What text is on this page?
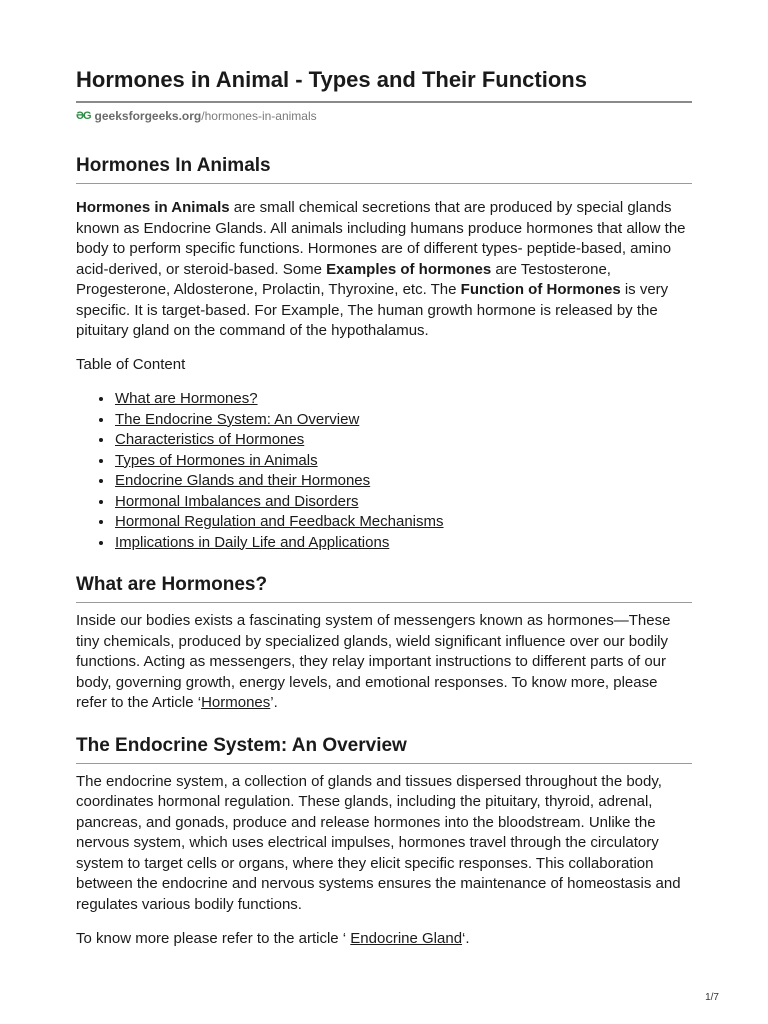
Hormones in Animal - Types and Their Functions
ƏG geeksforgeeks.org /hormones-in-animals
Hormones In Animals

Hormones in Animals are small chemical secretions that are produced by special glands known as Endocrine Glands. All animals including humans produce hormones that allow the body to perform specific functions. Hormones are of different types- peptide-based, amino acid-derived, or steroid-based. Some Examples of hormones are Testosterone, Progesterone, Aldosterone, Prolactin, Thyroxine, etc. The Function of Hormones is very specific. It is target-based. For Example, The human growth hormone is released by the pituitary gland on the command of the hypothalamus.

Table of Content

• What are Hormones?
• The Endocrine System: An Overview
• Characteristics of Hormones
• Types of Hormones in Animals
• Endocrine Glands and their Hormones
• Hormonal Imbalances and Disorders
• Hormonal Regulation and Feedback Mechanisms
• Implications in Daily Life and Applications
What are Hormones?

Inside our bodies exists a fascinating system of messengers known as hormones—These tiny chemicals, produced by specialized glands, wield significant influence over our bodily functions. Acting as messengers, they relay important instructions to different parts of our body, governing growth, energy levels, and emotional responses. To know more, please refer to the Article ‘Hormones’.

The Endocrine System: An Overview

The endocrine system, a collection of glands and tissues dispersed throughout the body, coordinates hormonal regulation. These glands, including the pituitary, thyroid, adrenal, pancreas, and gonads, produce and release hormones into the bloodstream. Unlike the nervous system, which uses electrical impulses, hormones travel through the circulatory system to target cells or organs, where they elicit specific responses. This collaboration between the endocrine and nervous systems ensures the maintenance of homeostasis and regulates various bodily functions.

To know more please refer to the article ‘ Endocrine Gland‘.

1/7
